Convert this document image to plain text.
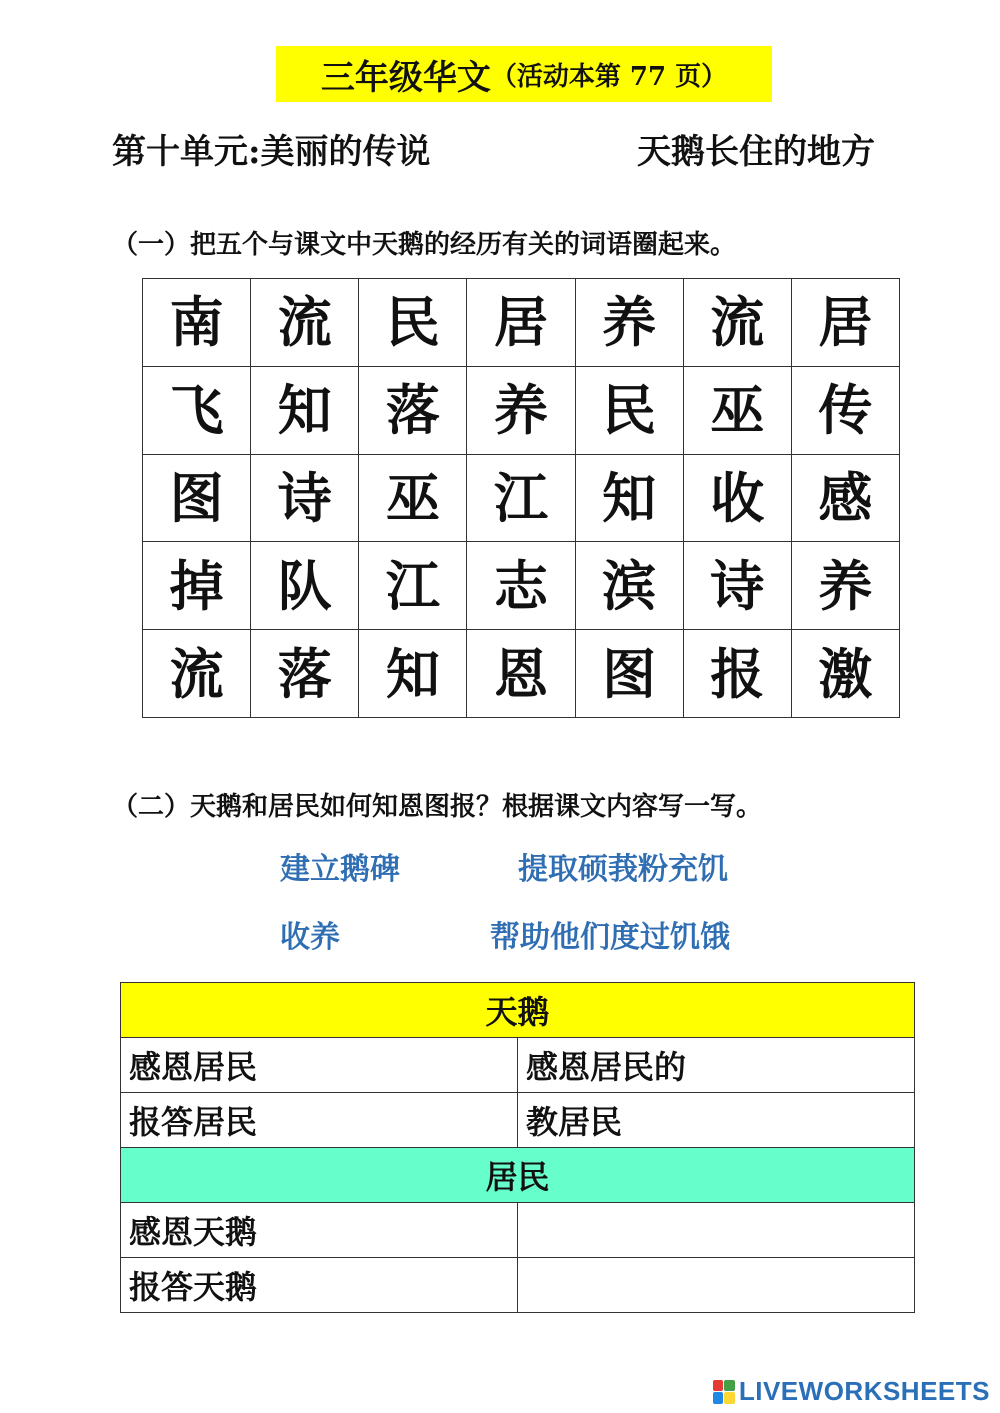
三年级华文 （活动本第 77 页）
第十单元:美丽的传说	天鹅长住的地方
（一）把五个与课文中天鹅的经历有关的词语圈起来。
南	流	民	居	养	流	居
飞	知	落	养	民	巫	传
图	诗	巫	江	知	收	感
掉	队	江	志	滨	诗	养
流	落	知	恩	图	报	激
（二）天鹅和居民如何知恩图报？根据课文内容写一写。
建立鹅碑	提取硕莪粉充饥
收养	帮助他们度过饥饿
天鹅	
感恩居民	感恩居民的
报答居民	教居民
居民	
感恩天鹅	
报答天鹅	
LIVEWORKSHEETS
